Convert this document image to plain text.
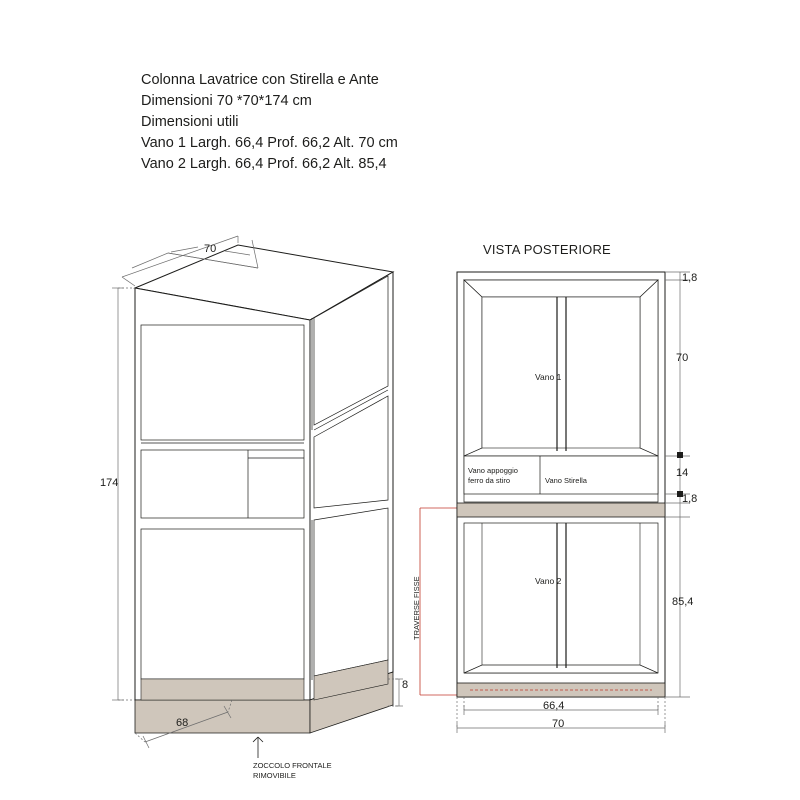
Colonna Lavatrice con Stirella e Ante
Dimensioni 70 *70*174 cm
Dimensioni utili
Vano 1 Largh. 66,4 Prof. 66,2 Alt. 70 cm
Vano 2 Largh. 66,4 Prof. 66,2 Alt. 85,4
70
174
68
8
ZOCCOLO FRONTALE
RIMOVIBILE
TRAVERSE FISSE
VISTA POSTERIORE
Vano 1
Vano appoggio
ferro da stiro	Vano Stirella
Vano 2
1,8
70
14
1,8
85,4
66,4
70
